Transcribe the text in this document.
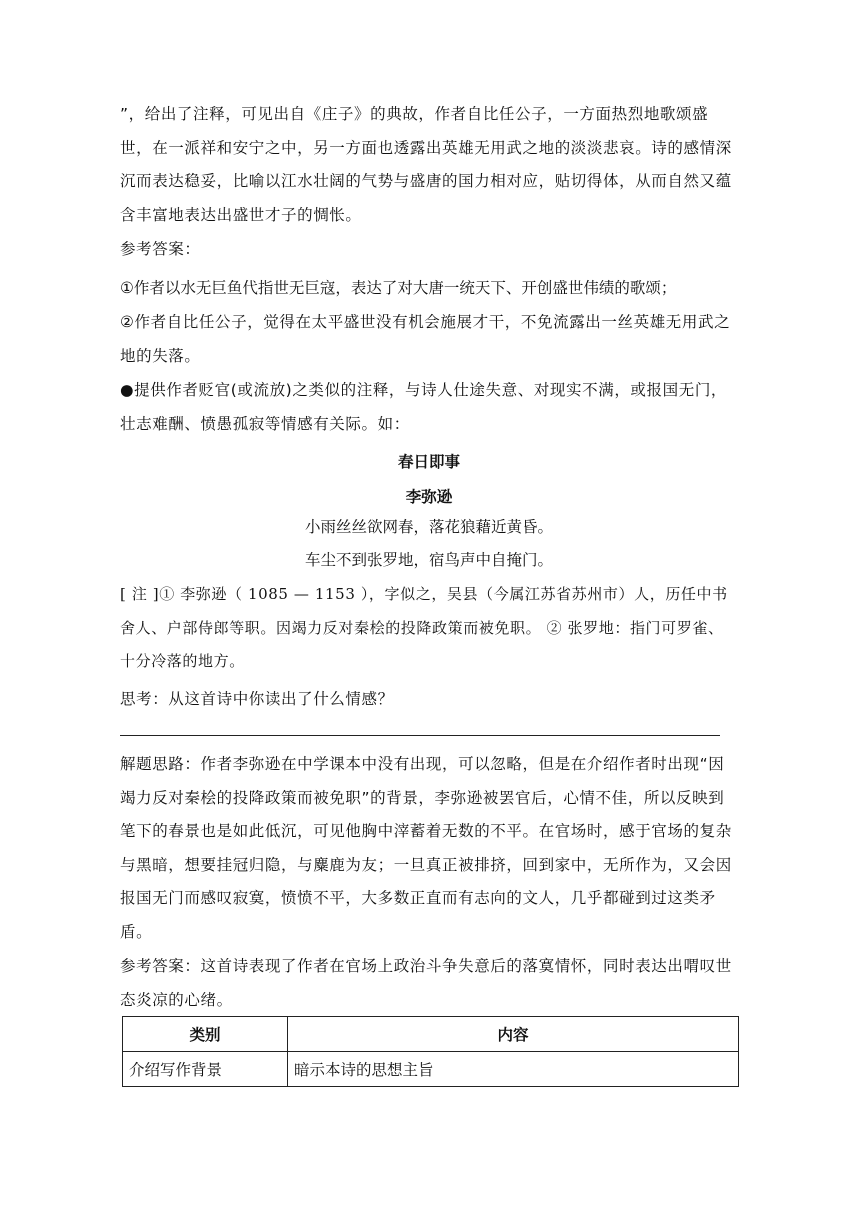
”，给出了注释，可见出自《庄子》的典故，作者自比任公子，一方面热烈地歌颂盛世，在一派祥和安宁之中，另一方面也透露出英雄无用武之地的淡淡悲哀。诗的感情深沉而表达稳妥，比喻以江水壮阔的气势与盛唐的国力相对应，贴切得体，从而自然又蕴含丰富地表达出盛世才子的惆怅。

参考答案：

①作者以水无巨鱼代指世无巨寇，表达了对大唐一统天下、开创盛世伟绩的歌颂；

②作者自比任公子，觉得在太平盛世没有机会施展才干，不免流露出一丝英雄无用武之地的失落。

●提供作者贬官(或流放)之类似的注释，与诗人仕途失意、对现实不满，或报国无门，壮志难酬、愤愚孤寂等情感有关际。如：

春日即事

李弥逊

小雨丝丝欲网春，落花狼藉近黄昏。

车尘不到张罗地，宿鸟声中自掩门。

[ 注 ]① 李弥逊（ 1085 — 1153 ），字似之，吴县（今属江苏省苏州市）人，历任中书舍人、户部侍郎等职。因竭力反对秦桧的投降政策而被免职。 ② 张罗地：指门可罗雀、十分冷落的地方。

思考：从这首诗中你读出了什么情感？

解题思路：作者李弥逊在中学课本中没有出现，可以忽略，但是在介绍作者时出现“因竭力反对秦桧的投降政策而被免职”的背景，李弥逊被罢官后，心情不佳，所以反映到笔下的春景也是如此低沉，可见他胸中滓蓄着无数的不平。在官场时，感于官场的复杂与黑暗，想要挂冠归隐，与麋鹿为友；一旦真正被排挤，回到家中，无所作为，又会因报国无门而感叹寂寞，愤愤不平，大多数正直而有志向的文人，几乎都碰到过这类矛盾。

参考答案：这首诗表现了作者在官场上政治斗争失意后的落寞情怀，同时表达出喟叹世态炎凉的心绪。

类别	内容
介绍写作背景	暗示本诗的思想主旨
